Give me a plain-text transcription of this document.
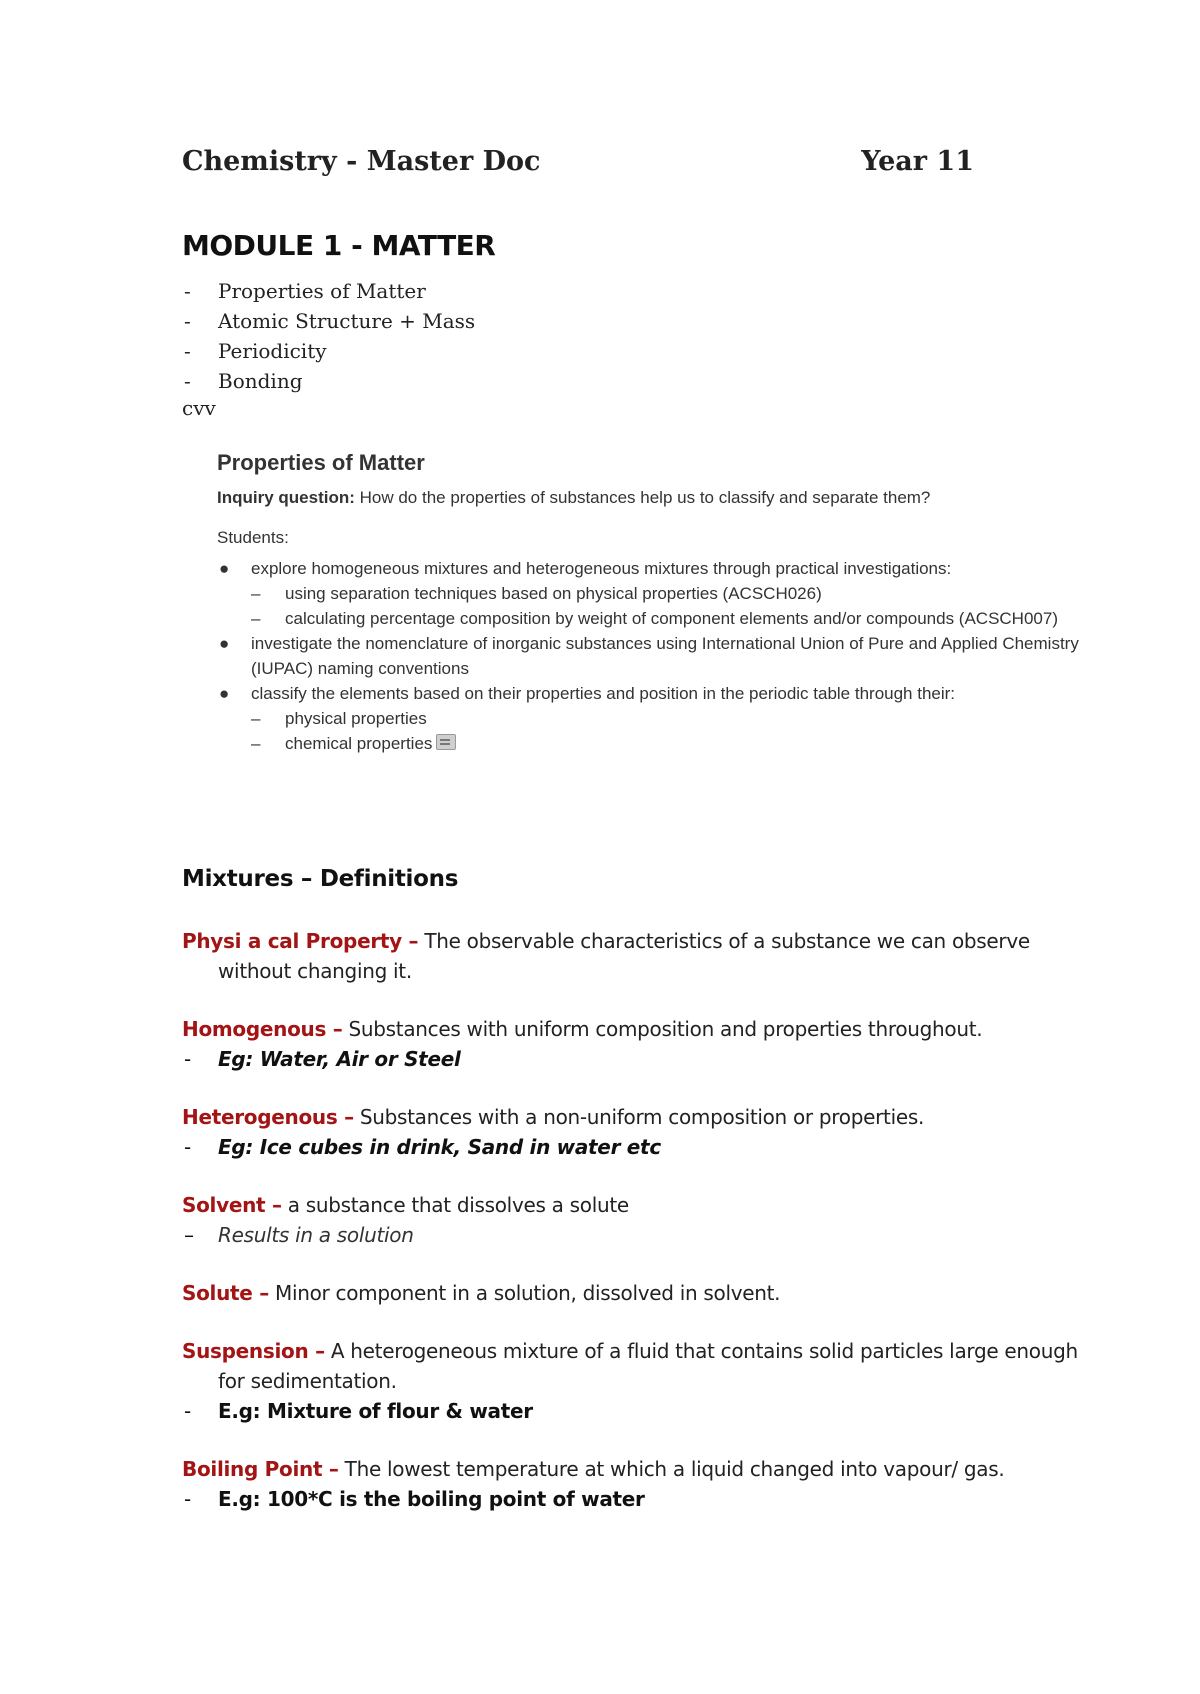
Chemistry - Master Doc	Year 11
MODULE 1 - MATTER
- Properties of Matter
- Atomic Structure + Mass
- Periodicity
- Bonding
cvv
Properties of Matter

Inquiry question: How do the properties of substances help us to classify and separate them?

Students:

● explore homogeneous mixtures and heterogeneous mixtures through practical investigations:
– using separation techniques based on physical properties (ACSCH026)
– calculating percentage composition by weight of component elements and/or compounds (ACSCH007)
● investigate the nomenclature of inorganic substances using International Union of Pure and Applied Chemistry (IUPAC) naming conventions
● classify the elements based on their properties and position in the periodic table through their:
– physical properties
– chemical properties
Mixtures – Definitions
Physi a cal Property – The observable characteristics of a substance we can observe without changing it.
Homogenous – Substances with uniform composition and properties throughout.
- Eg: Water, Air or Steel
Heterogenous – Substances with a non-uniform composition or properties.
- Eg: Ice cubes in drink, Sand in water etc
Solvent – a substance that dissolves a solute
– Results in a solution
Solute – Minor component in a solution, dissolved in solvent.
Suspension – A heterogeneous mixture of a fluid that contains solid particles large enough for sedimentation.
- E.g: Mixture of flour & water
Boiling Point – The lowest temperature at which a liquid changed into vapour/ gas.
- E.g: 100*C is the boiling point of water
